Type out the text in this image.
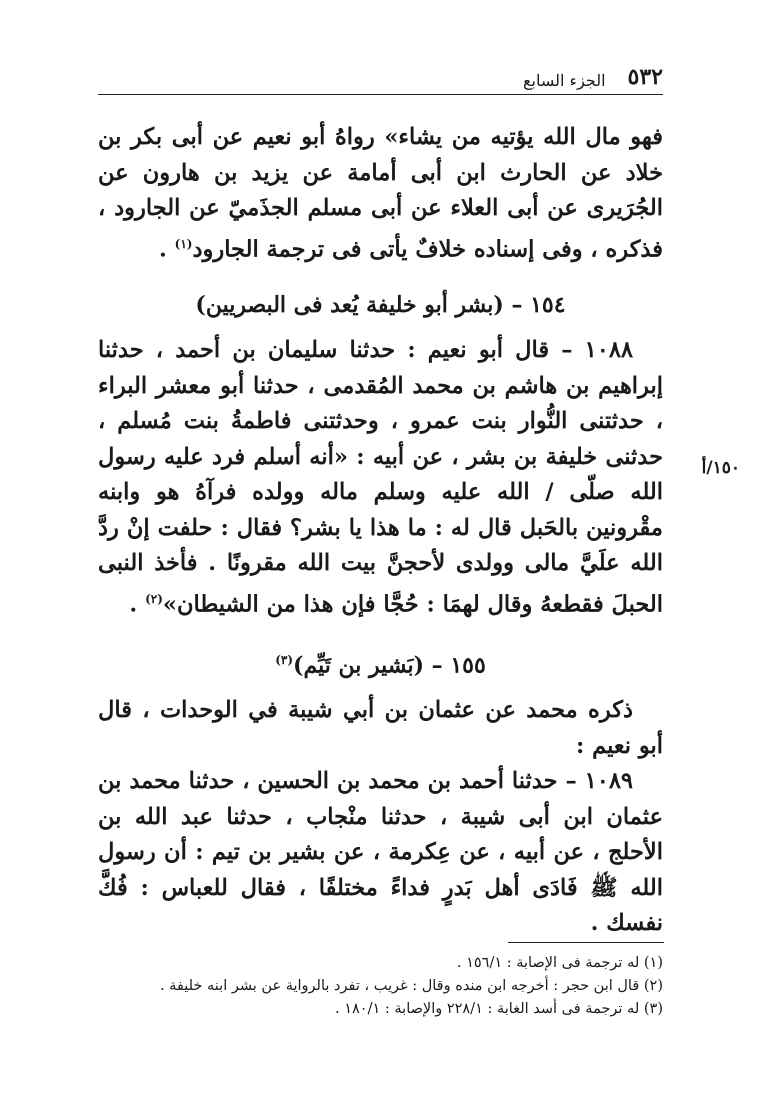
٥٣٢
الجزء السابع
١٥٠/أ

فهو مال الله يؤتيه من يشاء» رواهُ أبو نعيم عن أبى بكر بن خلاد عن الحارث ابن أبى أمامة عن يزيد بن هارون عن الجُرَيرى عن أبى العلاء عن أبى مسلم الجذَميّ عن الجارود ، فذكره ، وفى إسناده خلافٌ يأتى فى ترجمة الجارود$^{(١)}$ .

١٥٤ – (بشر أبو خليفة يُعد فى البصريين)

١٠٨٨ – قال أبو نعيم : حدثنا سليمان بن أحمد ، حدثنا إبراهيم بن هاشم بن محمد المُقدمى ، حدثنا أبو معشر البراء ، حدثتنى النُّوار بنت عمرو ، وحدثتنى فاطمةُ بنت مُسلم ، حدثنى خليفة بن بشر ، عن أبيه : «أنه أسلم فرد عليه رسول الله صلّى / الله عليه وسلم ماله وولده فرآهُ هو وابنه مقْرونين بالحَبل قال له : ما هذا يا بشر؟ فقال : حلفت إنْ ردَّ الله علَيَّ مالى وولدى لأحجنَّ بيت الله مقرونًا . فأخذ النبى الحبلَ فقطعهُ وقال لهمَا : حُجَّا فإن هذا من الشيطان»$^{(٢)}$ .

١٥٥ – (بَشير بن تَيِّم)$^{(٣)}$

ذكره محمد عن عثمان بن أبي شيبة في الوحدات ، قال أبو نعيم :

١٠٨٩ – حدثنا أحمد بن محمد بن الحسين ، حدثنا محمد بن عثمان ابن أبى شيبة ، حدثنا منْجاب ، حدثنا عبد الله بن الأحلج ، عن أبيه ، عن عِكرمة ، عن بشير بن تيم : أن رسول الله ﷺ فَادَى أهل بَدرٍ فداءً مختلفًا ، فقال للعباس : فُكَّ نفسك .

(١) له ترجمة فى الإصابة : ١٥٦/١ .
(٢) قال ابن حجر : أخرجه ابن منده وقال : غريب ، تفرد بالرواية عن بشر ابنه خليفة .
(٣) له ترجمة فى أسد الغابة : ٢٢٨/١ والإصابة : ١٨٠/١ .
